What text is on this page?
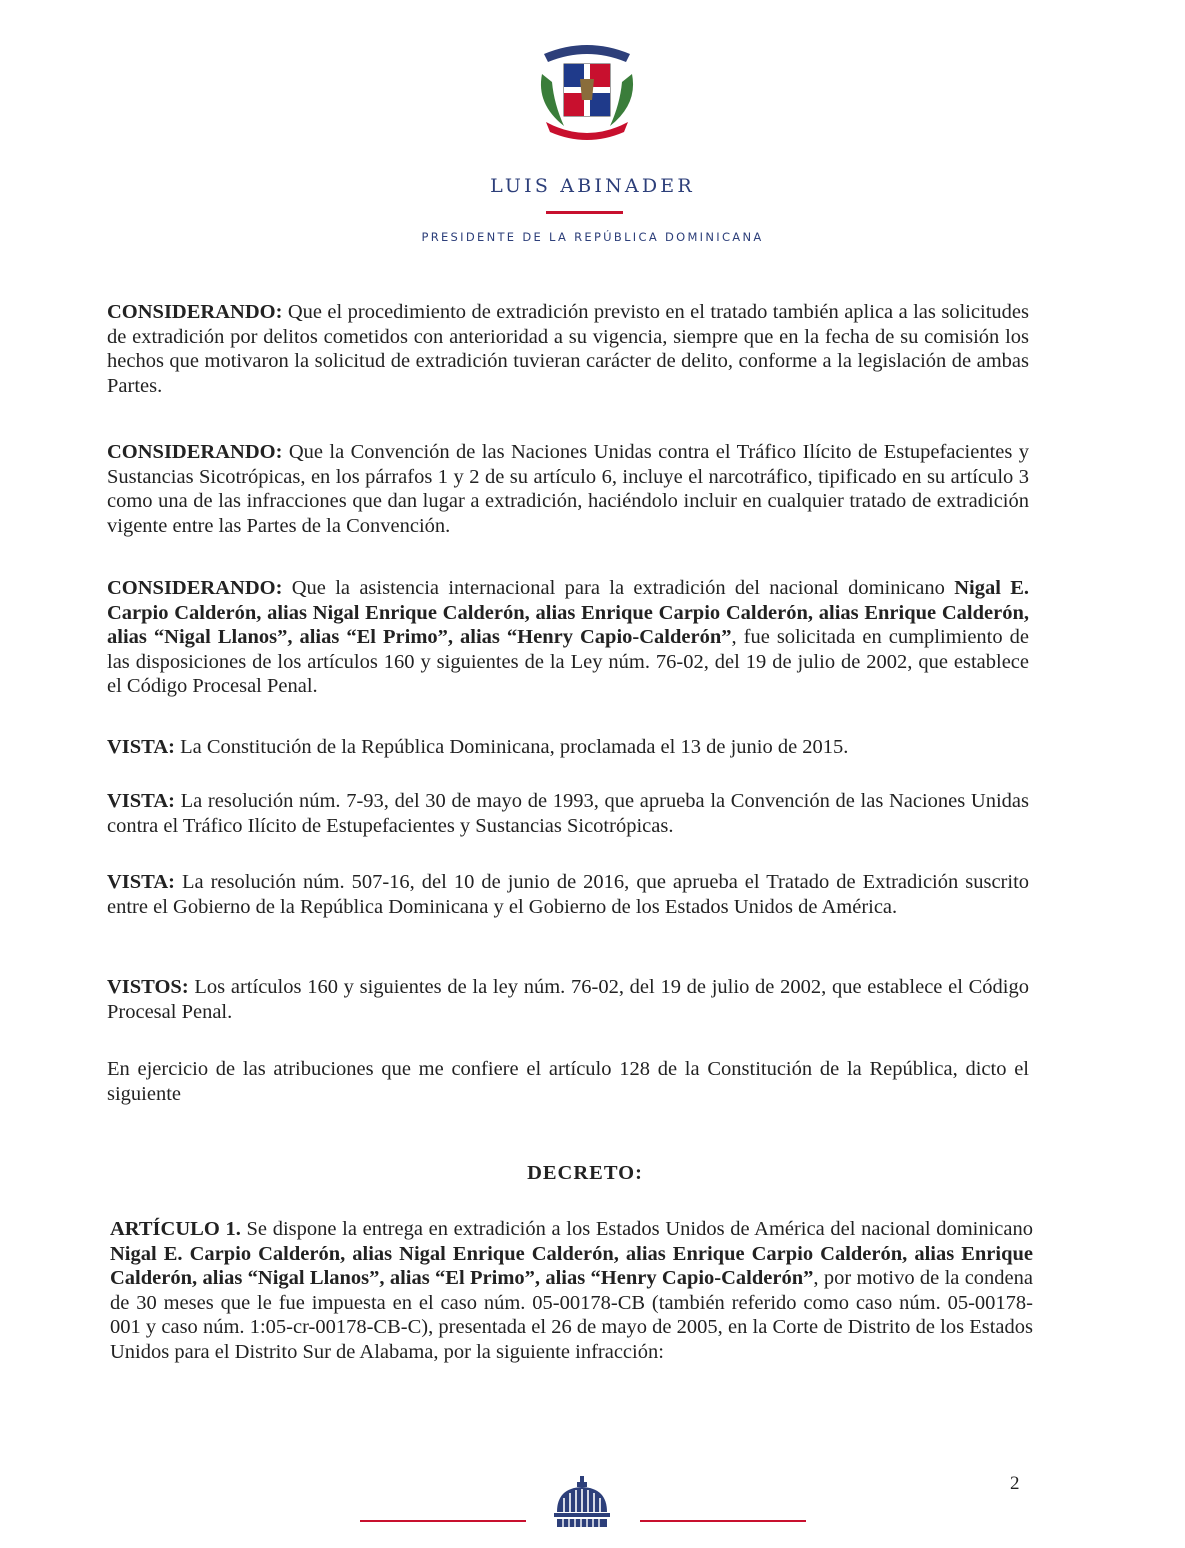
LUIS ABINADER
PRESIDENTE DE LA REPÚBLICA DOMINICANA

CONSIDERANDO: Que el procedimiento de extradición previsto en el tratado también aplica a las solicitudes de extradición por delitos cometidos con anterioridad a su vigencia, siempre que en la fecha de su comisión los hechos que motivaron la solicitud de extradición tuvieran carácter de delito, conforme a la legislación de ambas Partes.

CONSIDERANDO: Que la Convención de las Naciones Unidas contra el Tráfico Ilícito de Estupefacientes y Sustancias Sicotrópicas, en los párrafos 1 y 2 de su artículo 6, incluye el narcotráfico, tipificado en su artículo 3 como una de las infracciones que dan lugar a extradición, haciéndolo incluir en cualquier tratado de extradición vigente entre las Partes de la Convención.

CONSIDERANDO: Que la asistencia internacional para la extradición del nacional dominicano Nigal E. Carpio Calderón, alias Nigal Enrique Calderón, alias Enrique Carpio Calderón, alias Enrique Calderón, alias “Nigal Llanos”, alias “El Primo”, alias “Henry Capio-Calderón”, fue solicitada en cumplimiento de las disposiciones de los artículos 160 y siguientes de la Ley núm. 76-02, del 19 de julio de 2002, que establece el Código Procesal Penal.

VISTA: La Constitución de la República Dominicana, proclamada el 13 de junio de 2015.

VISTA: La resolución núm. 7-93, del 30 de mayo de 1993, que aprueba la Convención de las Naciones Unidas contra el Tráfico Ilícito de Estupefacientes y Sustancias Sicotrópicas.

VISTA: La resolución núm. 507-16, del 10 de junio de 2016, que aprueba el Tratado de Extradición suscrito entre el Gobierno de la República Dominicana y el Gobierno de los Estados Unidos de América.

VISTOS: Los artículos 160 y siguientes de la ley núm. 76-02, del 19 de julio de 2002, que establece el Código Procesal Penal.

En ejercicio de las atribuciones que me confiere el artículo 128 de la Constitución de la República, dicto el siguiente

DECRETO:

ARTÍCULO 1. Se dispone la entrega en extradición a los Estados Unidos de América del nacional dominicano Nigal E. Carpio Calderón, alias Nigal Enrique Calderón, alias Enrique Carpio Calderón, alias Enrique Calderón, alias “Nigal Llanos”, alias “El Primo”, alias “Henry Capio-Calderón”, por motivo de la condena de 30 meses que le fue impuesta en el caso núm. 05-00178-CB (también referido como caso núm. 05-00178-001 y caso núm. 1:05-cr-00178-CB-C), presentada el 26 de mayo de 2005, en la Corte de Distrito de los Estados Unidos para el Distrito Sur de Alabama, por la siguiente infracción:

2
